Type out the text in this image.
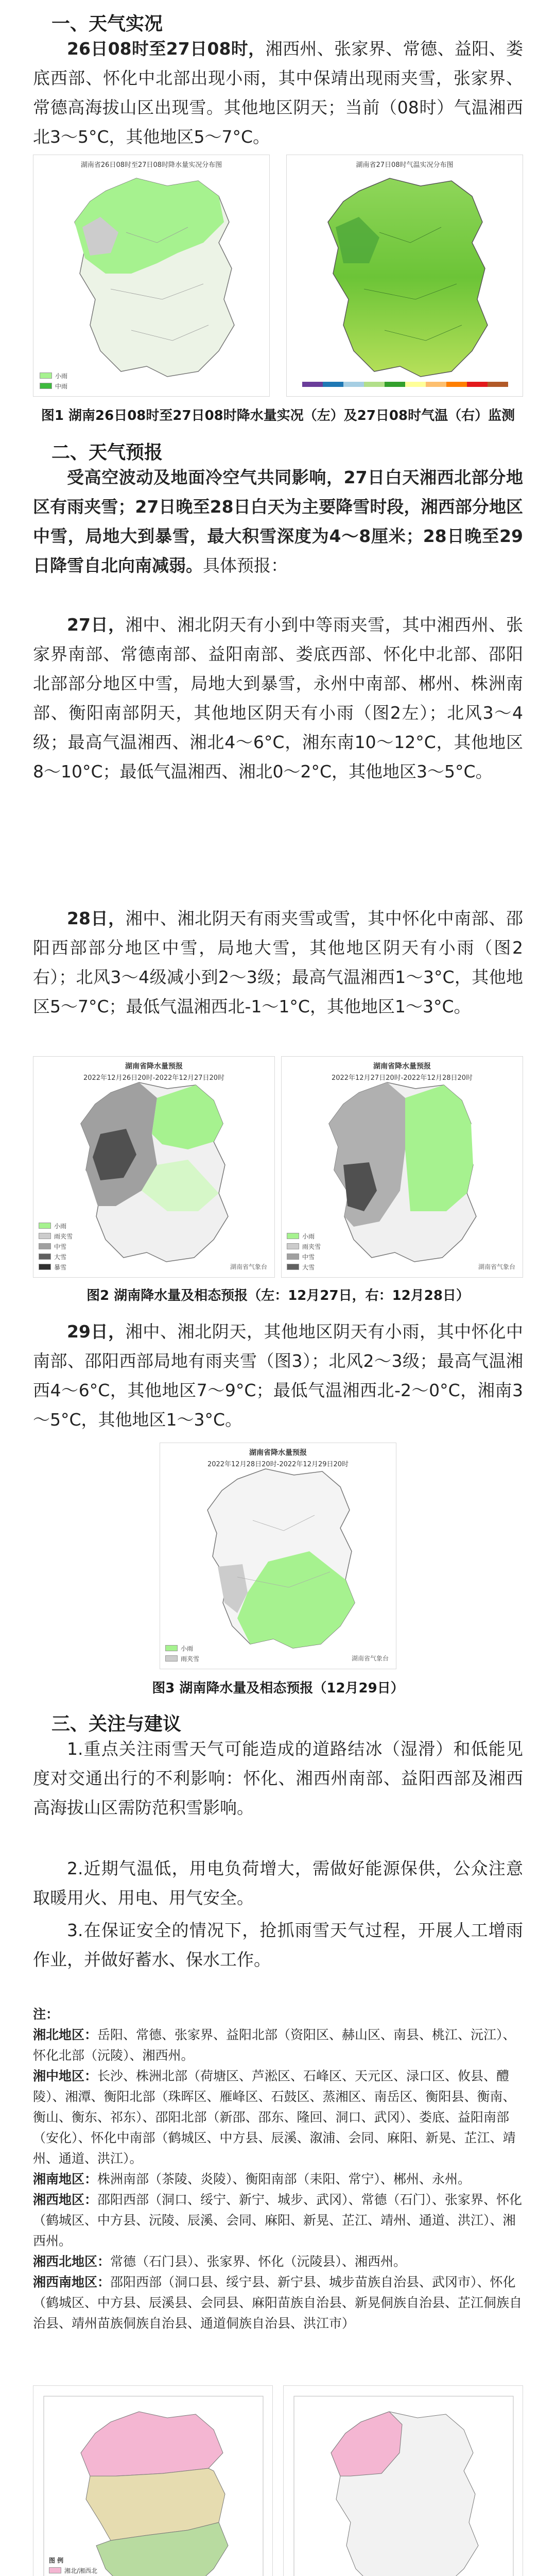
一、天气实况
26日08时至27日08时，湘西州、张家界、常德、益阳、娄底西部、怀化中北部出现小雨，其中保靖出现雨夹雪，张家界、常德高海拔山区出现雪。其他地区阴天；当前（08时）气温湘西北3～5°C，其他地区5～7°C。
湖南省26日08时至27日08时降水量实况分布图
小雨
中雨
湖南省27日08时气温实况分布图
图1 湖南26日08时至27日08时降水量实况（左）及27日08时气温（右）监测
二、天气预报
受高空波动及地面冷空气共同影响，27日白天湘西北部分地区有雨夹雪；27日晚至28日白天为主要降雪时段，湘西部分地区中雪，局地大到暴雪，最大积雪深度为4～8厘米；28日晚至29日降雪自北向南减弱。具体预报：
27日，湘中、湘北阴天有小到中等雨夹雪，其中湘西州、张家界南部、常德南部、益阳南部、娄底西部、怀化中北部、邵阳北部部分地区中雪，局地大到暴雪，永州中南部、郴州、株洲南部、衡阳南部阴天，其他地区阴天有小雨（图2左）；北风3～4级；最高气温湘西、湘北4～6°C，湘东南10～12°C，其他地区8～10°C；最低气温湘西、湘北0～2°C，其他地区3～5°C。
28日，湘中、湘北阴天有雨夹雪或雪，其中怀化中南部、邵阳西部部分地区中雪，局地大雪，其他地区阴天有小雨（图2右）；北风3～4级减小到2～3级；最高气温湘西1～3°C，其他地区5～7°C；最低气温湘西北-1～1°C，其他地区1～3°C。
湖南省降水量预报
2022年12月26日20时-2022年12月27日20时
小雨
雨夹雪
中雪
大雪
暴雪	湖南省气象台
湖南省降水量预报
2022年12月27日20时-2022年12月28日20时
小雨
雨夹雪
中雪
大雪	湖南省气象台
图2 湖南降水量及相态预报（左：12月27日，右：12月28日）
29日，湘中、湘北阴天，其他地区阴天有小雨，其中怀化中南部、邵阳西部局地有雨夹雪（图3）；北风2～3级；最高气温湘西4～6°C，其他地区7～9°C；最低气温湘西北-2～0°C，湘南3～5°C，其他地区1～3°C。
湖南省降水量预报
2022年12月28日20时-2022年12月29日20时
小雨
雨夹雪	湖南省气象台
图3 湖南降水量及相态预报（12月29日）
三、关注与建议
1.重点关注雨雪天气可能造成的道路结冰（湿滑）和低能见度对交通出行的不利影响：怀化、湘西州南部、益阳西部及湘西高海拔山区需防范积雪影响。
2.近期气温低，用电负荷增大，需做好能源保供，公众注意取暖用火、用电、用气安全。
3.在保证安全的情况下，抢抓雨雪天气过程，开展人工增雨作业，并做好蓄水、保水工作。
注：
湘北地区：岳阳、常德、张家界、益阳北部（资阳区、赫山区、南县、桃江、沅江）、怀化北部（沅陵）、湘西州。
湘中地区：长沙、株洲北部（荷塘区、芦淞区、石峰区、天元区、渌口区、攸县、醴陵）、湘潭、衡阳北部（珠晖区、雁峰区、石鼓区、蒸湘区、南岳区、衡阳县、衡南、衡山、衡东、祁东）、邵阳北部（新邵、邵东、隆回、洞口、武冈）、娄底、益阳南部（安化）、怀化中南部（鹤城区、中方县、辰溪、溆浦、会同、麻阳、新晃、芷江、靖州、通道、洪江）。
湘南地区：株洲南部（茶陵、炎陵）、衡阳南部（耒阳、常宁）、郴州、永州。
湘西地区：邵阳西部（洞口、绥宁、新宁、城步、武冈）、常德（石门）、张家界、怀化（鹤城区、中方县、沅陵、辰溪、会同、麻阳、新晃、芷江、靖州、通道、洪江）、湘西州。
湘西北地区：常德（石门县）、张家界、怀化（沅陵县）、湘西州。
湘西南地区：邵阳西部（洞口县、绥宁县、新宁县、城步苗族自治县、武冈市）、怀化（鹤城区、中方县、辰溪县、会同县、麻阳苗族自治县、新晃侗族自治县、芷江侗族自治县、靖州苗族侗族自治县、通道侗族自治县、洪江市）
图 例
湘北/湘西北
